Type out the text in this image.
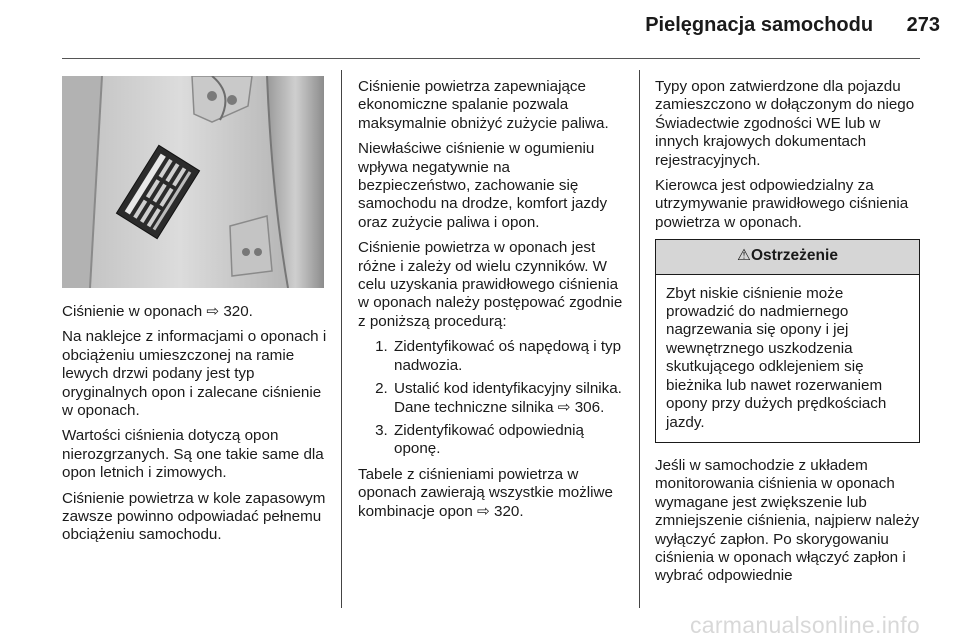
Pielęgnacja samochodu 273

Ciśnienie w oponach ⇨ 320.

Na naklejce z informacjami o oponach i obciążeniu umieszczonej na ramie lewych drzwi podany jest typ oryginalnych opon i zalecane ciśnienie w oponach.

Wartości ciśnienia dotyczą opon nierozgrzanych. Są one takie same dla opon letnich i zimowych.

Ciśnienie powietrza w kole zapasowym zawsze powinno odpowiadać pełnemu obciążeniu samochodu.

Ciśnienie powietrza zapewniające ekonomiczne spalanie pozwala maksymalnie obniżyć zużycie paliwa.

Niewłaściwe ciśnienie w ogumieniu wpływa negatywnie na bezpieczeństwo, zachowanie się samochodu na drodze, komfort jazdy oraz zużycie paliwa i opon.

Ciśnienie powietrza w oponach jest różne i zależy od wielu czynników. W celu uzyskania prawidłowego ciśnienia w oponach należy postępować zgodnie z poniższą procedurą:

1. Zidentyfikować oś napędową i typ nadwozia.
2. Ustalić kod identyfikacyjny silnika. Dane techniczne silnika ⇨ 306.
3. Zidentyfikować odpowiednią oponę.

Tabele z ciśnieniami powietrza w oponach zawierają wszystkie możliwe kombinacje opon ⇨ 320.

Typy opon zatwierdzone dla pojazdu zamieszczono w dołączonym do niego Świadectwie zgodności WE lub w innych krajowych dokumentach rejestracyjnych.

Kierowca jest odpowiedzialny za utrzymywanie prawidłowego ciśnienia powietrza w oponach.

⚠Ostrzeżenie
Zbyt niskie ciśnienie może prowadzić do nadmiernego nagrzewania się opony i jej wewnętrznego uszkodzenia skutkującego odklejeniem się bieżnika lub nawet rozerwaniem opony przy dużych prędkościach jazdy.

Jeśli w samochodzie z układem monitorowania ciśnienia w oponach wymagane jest zwiększenie lub zmniejszenie ciśnienia, najpierw należy wyłączyć zapłon. Po skorygowaniu ciśnienia w oponach włączyć zapłon i wybrać odpowiednie

carmanualsonline.info
